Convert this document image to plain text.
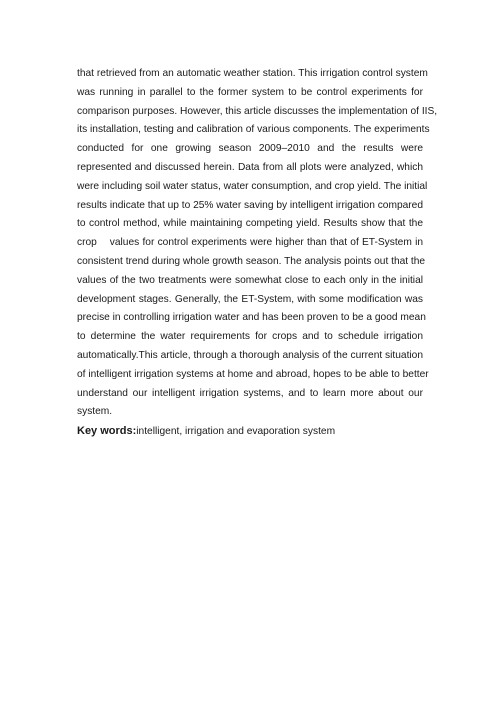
that retrieved from an automatic weather station. This irrigation control system
was running in parallel to the former system to be control experiments for
comparison purposes. However, this article discusses the implementation of IIS,
its installation, testing and calibration of various components. The experiments
conducted for one growing season 2009‒2010 and the results were
represented and discussed herein. Data from all plots were analyzed, which
were including soil water status, water consumption, and crop yield. The initial
results indicate that up to 25% water saving by intelligent irrigation compared
to control method, while maintaining competing yield. Results show that the
crop    values for control experiments were higher than that of ET-System in
consistent trend during whole growth season. The analysis points out that the
values of the two treatments were somewhat close to each only in the initial
development stages. Generally, the ET-System, with some modification was
precise in controlling irrigation water and has been proven to be a good mean
to determine the water requirements for crops and to schedule irrigation
automatically.This article, through a thorough analysis of the current situation
of intelligent irrigation systems at home and abroad, hopes to be able to better
understand our intelligent irrigation systems, and to learn more about our
system.
Key words:intelligent, irrigation and evaporation system
